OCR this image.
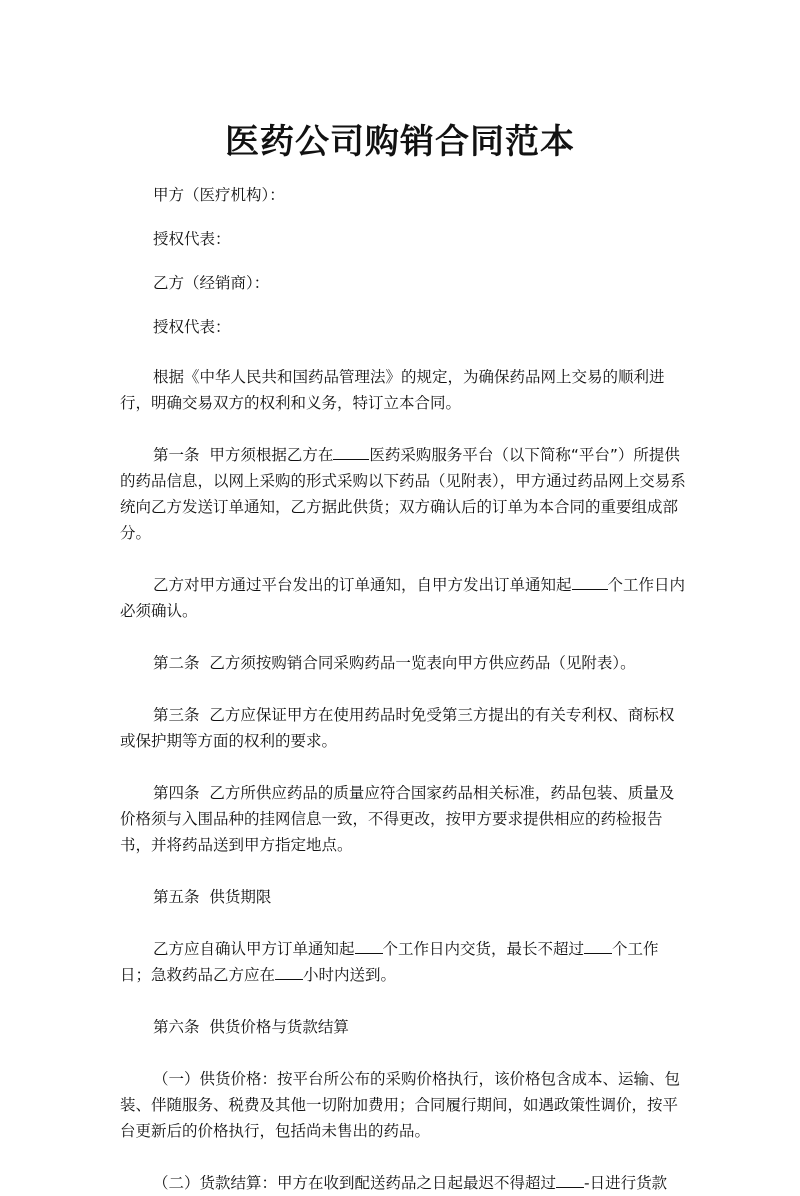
医药公司购销合同范本

甲方（医疗机构）：

授权代表：

乙方（经销商）：

授权代表：

根据《中华人民共和国药品管理法》的规定，为确保药品网上交易的顺利进行，明确交易双方的权利和义务，特订立本合同。

第一条  甲方须根据乙方在 医药采购服务平台（以下简称“平台”）所提供的药品信息，以网上采购的形式采购以下药品（见附表），甲方通过药品网上交易系统向乙方发送订单通知，乙方据此供货；双方确认后的订单为本合同的重要组成部分。

乙方对甲方通过平台发出的订单通知，自甲方发出订单通知起 个工作日内必须确认。

第二条  乙方须按购销合同采购药品一览表向甲方供应药品（见附表）。

第三条  乙方应保证甲方在使用药品时免受第三方提出的有关专利权、商标权或保护期等方面的权利的要求。

第四条  乙方所供应药品的质量应符合国家药品相关标准，药品包装、质量及价格须与入围品种的挂网信息一致，不得更改，按甲方要求提供相应的药检报告书，并将药品送到甲方指定地点。

第五条  供货期限

乙方应自确认甲方订单通知起 个工作日内交货，最长不超过 个工作日；急救药品乙方应在 小时内送到。

第六条  供货价格与货款结算

（一）供货价格：按平台所公布的采购价格执行，该价格包含成本、运输、包装、伴随服务、税费及其他一切附加费用；合同履行期间，如遇政策性调价，按平台更新后的价格执行，包括尚未售出的药品。

（二）货款结算：甲方在收到配送药品之日起最迟不得超过 -日进行货款
